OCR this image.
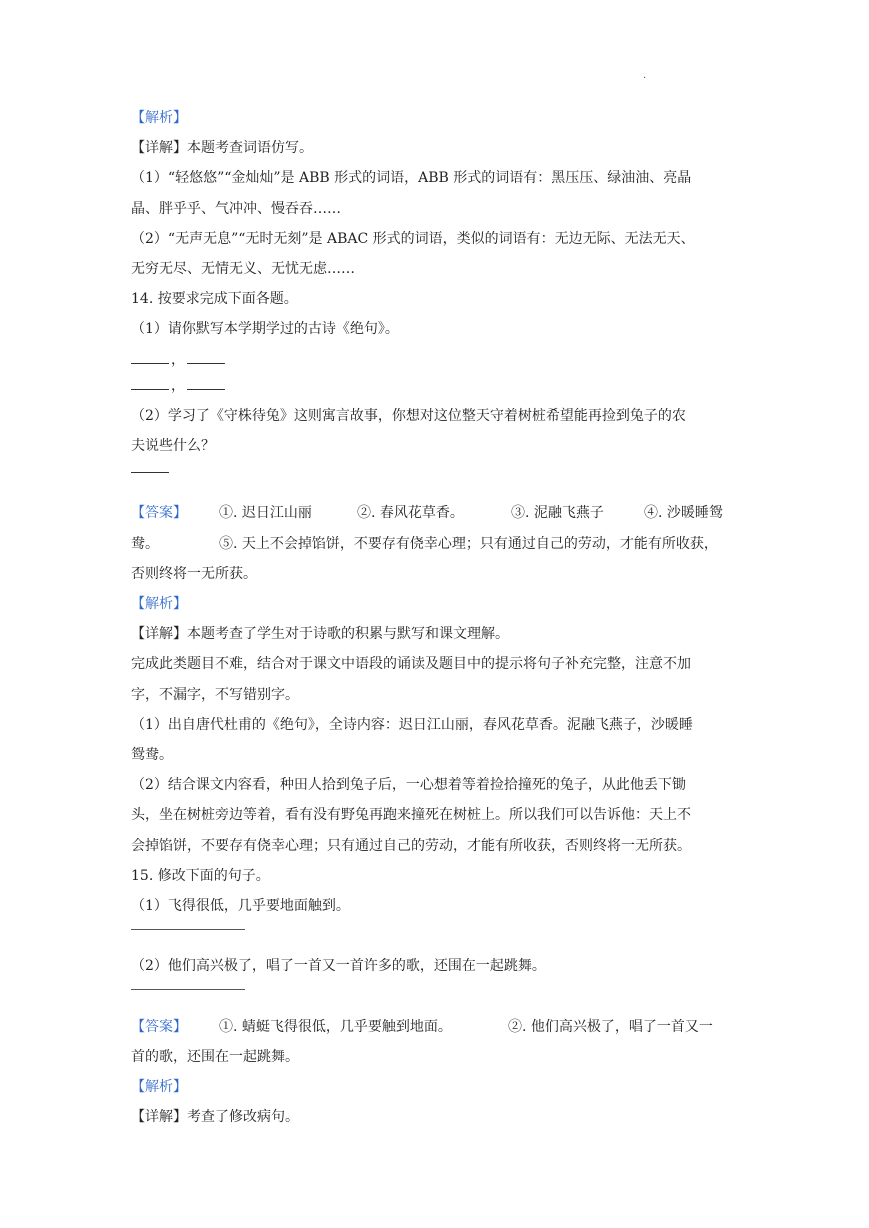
.
【解析】
【详解】本题考查词语仿写。
（1）“轻悠悠”“金灿灿”是 ABB 形式的词语，ABB 形式的词语有：黑压压、绿油油、亮晶
晶、胖乎乎、气冲冲、慢吞吞……
（2）“无声无息”“无时无刻”是 ABAC 形式的词语，类似的词语有：无边无际、无法无天、
无穷无尽、无情无义、无忧无虑……
14. 按要求完成下面各题。
（1）请你默写本学期学过的古诗《绝句》。
，
，
（2）学习了《守株待兔》这则寓言故事，你想对这位整天守着树桩希望能再捡到兔子的农
夫说些什么？
【答案】 ①. 迟日江山丽	②. 春风花草香。	③. 泥融飞燕子	④. 沙暖睡鸳
鸯。	⑤. 天上不会掉馅饼，不要存有侥幸心理；只有通过自己的劳动，才能有所收获，
否则终将一无所获。
【解析】
【详解】本题考查了学生对于诗歌的积累与默写和课文理解。
完成此类题目不难，结合对于课文中语段的诵读及题目中的提示将句子补充完整，注意不加
字，不漏字，不写错别字。
（1）出自唐代杜甫的《绝句》，全诗内容：迟日江山丽，春风花草香。泥融飞燕子，沙暖睡
鸳鸯。
（2）结合课文内容看，种田人拾到兔子后，一心想着等着捡拾撞死的兔子，从此他丢下锄
头，坐在树桩旁边等着，看有没有野兔再跑来撞死在树桩上。所以我们可以告诉他：天上不
会掉馅饼，不要存有侥幸心理；只有通过自己的劳动，才能有所收获，否则终将一无所获。
15. 修改下面的句子。
（1）飞得很低，几乎要地面触到。
（2）他们高兴极了，唱了一首又一首许多的歌，还围在一起跳舞。
【答案】 ①. 蜻蜓飞得很低，几乎要触到地面。	②. 他们高兴极了，唱了一首又一
首的歌，还围在一起跳舞。
【解析】
【详解】考查了修改病句。
